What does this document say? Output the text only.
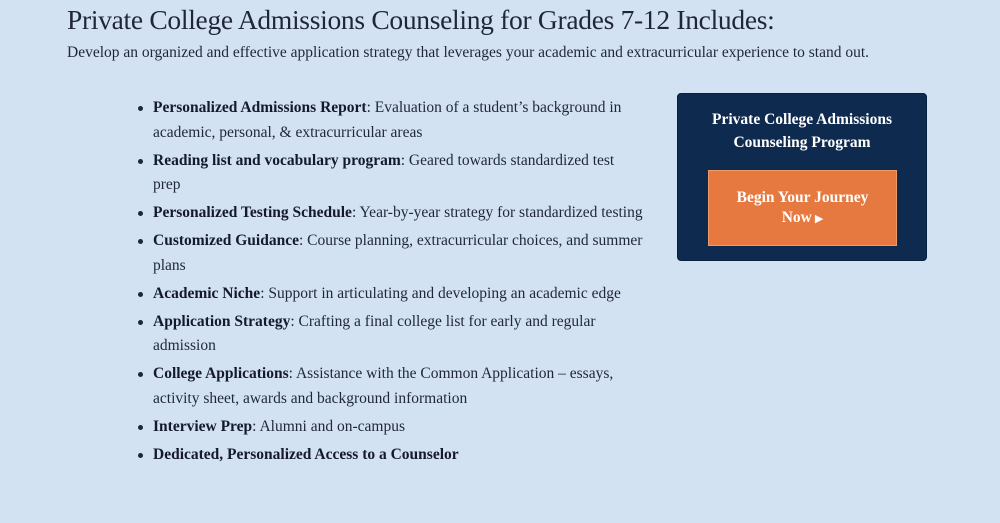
Private College Admissions Counseling for Grades 7-12 Includes:

Develop an organized and effective application strategy that leverages your academic and extracurricular experience to stand out.

Personalized Admissions Report: Evaluation of a student’s background in academic, personal, & extracurricular areas
Reading list and vocabulary program: Geared towards standardized test prep
Personalized Testing Schedule: Year-by-year strategy for standardized testing
Customized Guidance: Course planning, extracurricular choices, and summer plans
Academic Niche: Support in articulating and developing an academic edge
Application Strategy: Crafting a final college list for early and regular admission
College Applications: Assistance with the Common Application – essays, activity sheet, awards and background information
Interview Prep: Alumni and on-campus
Dedicated, Personalized Access to a Counselor

Private College Admissions Counseling Program

Begin Your Journey Now ▶
